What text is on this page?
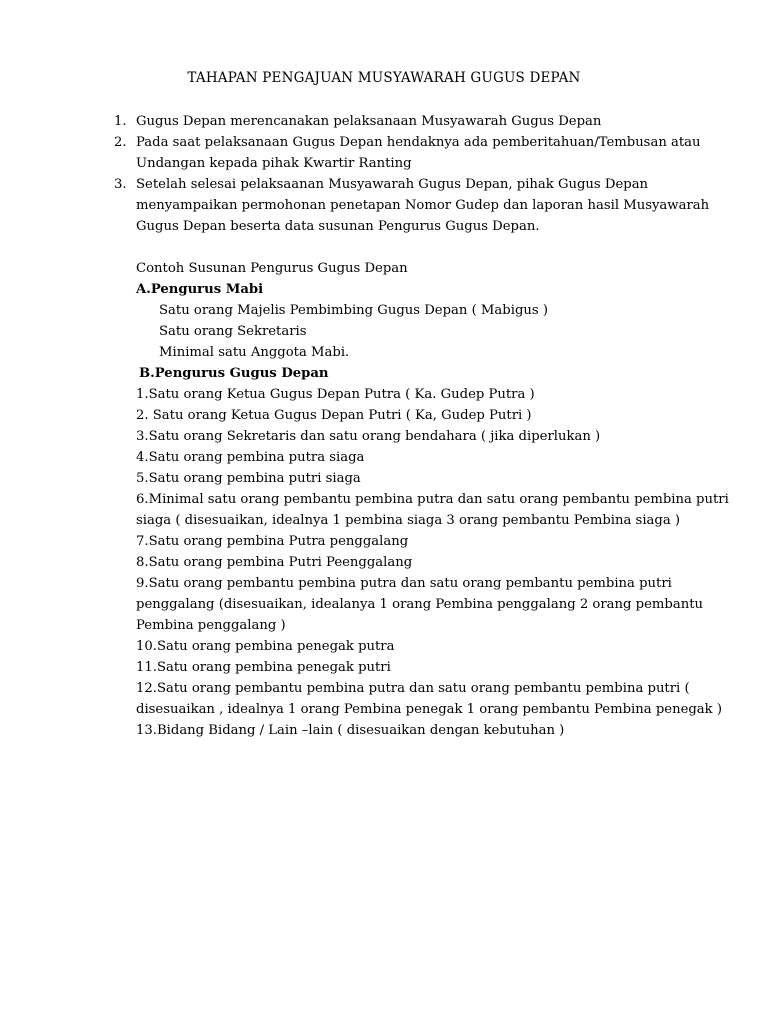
TAHAPAN PENGAJUAN MUSYAWARAH GUGUS DEPAN
1. Gugus Depan merencanakan pelaksanaan Musyawarah Gugus Depan
2. Pada saat pelaksanaan Gugus Depan hendaknya ada pemberitahuan/Tembusan atau
Undangan kepada pihak Kwartir Ranting
3. Setelah selesai pelaksaanan Musyawarah Gugus Depan, pihak Gugus Depan
menyampaikan permohonan penetapan Nomor Gudep dan laporan hasil Musyawarah
Gugus Depan beserta data susunan Pengurus Gugus Depan.
Contoh Susunan Pengurus Gugus Depan
A.Pengurus Mabi
Satu orang Majelis Pembimbing Gugus Depan ( Mabigus )
Satu orang Sekretaris
Minimal satu Anggota Mabi.
B.Pengurus Gugus Depan
1.Satu orang Ketua Gugus Depan Putra ( Ka. Gudep Putra )
2. Satu orang Ketua Gugus Depan Putri ( Ka, Gudep Putri )
3.Satu orang Sekretaris dan satu orang bendahara ( jika diperlukan )
4.Satu orang pembina putra siaga
5.Satu orang pembina putri siaga
6.Minimal satu orang pembantu pembina putra dan satu orang pembantu pembina putri
siaga ( disesuaikan, idealnya 1 pembina siaga 3 orang pembantu Pembina siaga )
7.Satu orang pembina Putra penggalang
8.Satu orang pembina Putri Peenggalang
9.Satu orang pembantu pembina putra dan satu orang pembantu pembina putri
penggalang (disesuaikan, idealanya 1 orang Pembina penggalang 2 orang pembantu
Pembina penggalang )
10.Satu orang pembina penegak putra
11.Satu orang pembina penegak putri
12.Satu orang pembantu pembina putra dan satu orang pembantu pembina putri (
disesuaikan , idealnya 1 orang Pembina penegak 1 orang pembantu Pembina penegak )
13.Bidang Bidang / Lain –lain ( disesuaikan dengan kebutuhan )
